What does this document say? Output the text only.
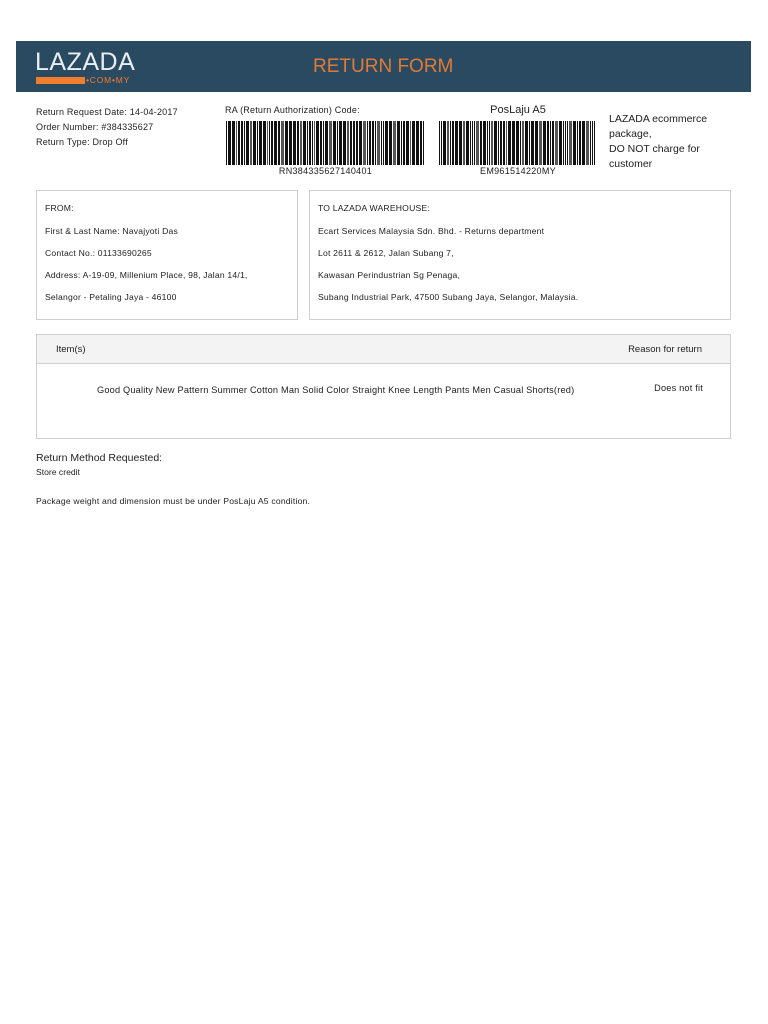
LAZADA
•COM•MY
RETURN FORM
Return Request Date: 14-04-2017
Order Number: #384335627
Return Type: Drop Off
RA (Return Authorization) Code:
RN384335627140401
PosLaju A5
EM961514220MY
LAZADA ecommerce
package,
DO NOT charge for
customer
FROM:
First & Last Name: Navajyoti Das
Contact No.: 01133690265
Address: A-19-09, Millenium Place, 98, Jalan 14/1,
Selangor - Petaling Jaya - 46100
TO LAZADA WAREHOUSE:
Ecart Services Malaysia Sdn. Bhd. - Returns department
Lot 2611 & 2612, Jalan Subang 7,
Kawasan Perindustrian Sg Penaga,
Subang Industrial Park, 47500 Subang Jaya, Selangor, Malaysia.
Item(s)	Reason for return
Good Quality New Pattern Summer Cotton Man Solid Color Straight Knee Length Pants Men Casual Shorts(red)	Does not fit
Return Method Requested:
Store credit
Package weight and dimension must be under PosLaju A5 condition.
